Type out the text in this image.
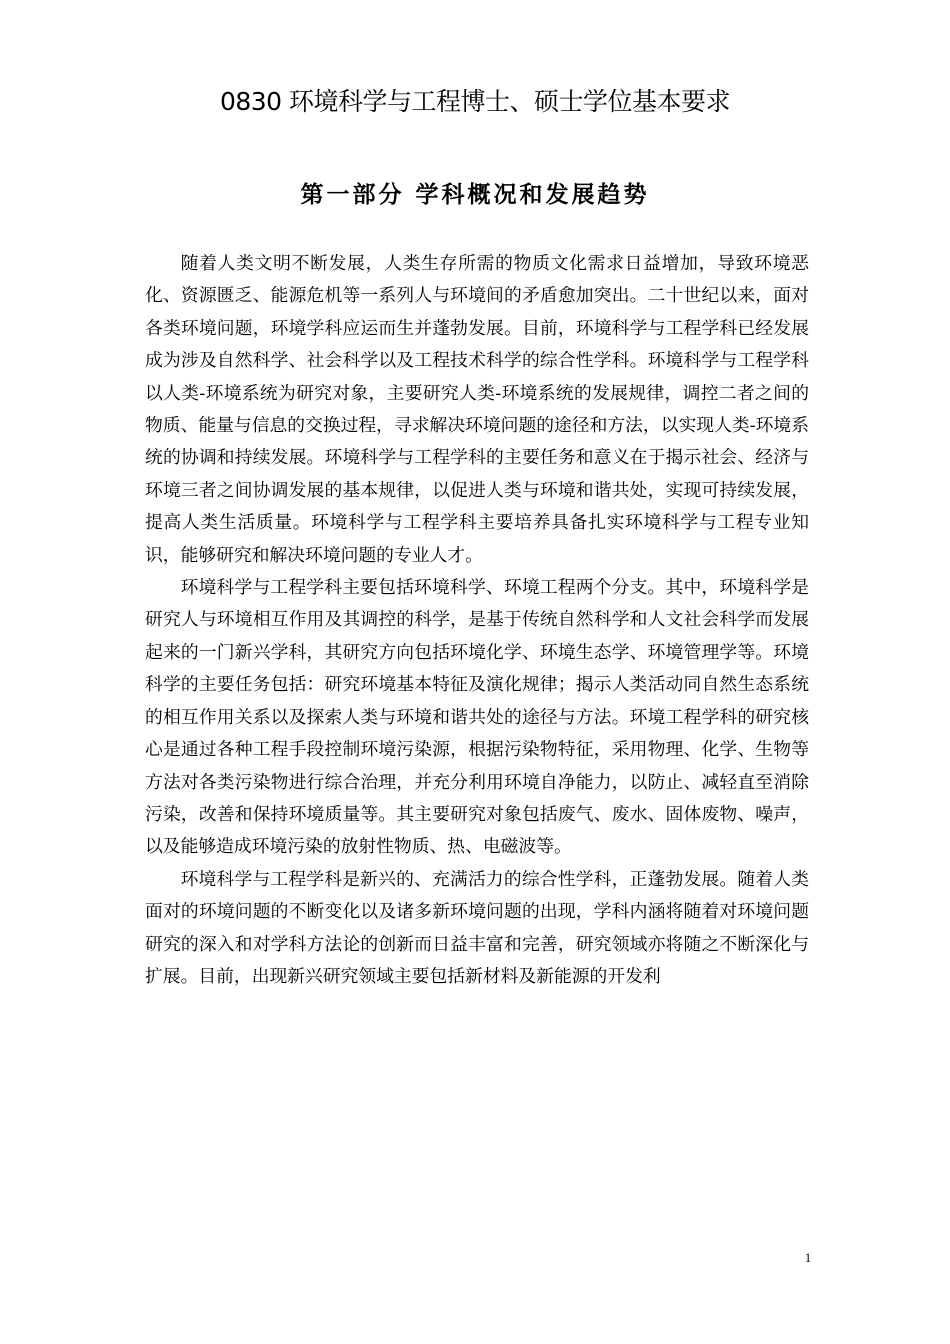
0830 环境科学与工程博士、硕士学位基本要求
第一部分 学科概况和发展趋势

随着人类文明不断发展，人类生存所需的物质文化需求日益增加，导致环境恶化、资源匮乏、能源危机等一系列人与环境间的矛盾愈加突出。二十世纪以来，面对各类环境问题，环境学科应运而生并蓬勃发展。目前，环境科学与工程学科已经发展成为涉及自然科学、社会科学以及工程技术科学的综合性学科。环境科学与工程学科以人类-环境系统为研究对象，主要研究人类-环境系统的发展规律，调控二者之间的物质、能量与信息的交换过程，寻求解决环境问题的途径和方法，以实现人类-环境系统的协调和持续发展。环境科学与工程学科的主要任务和意义在于揭示社会、经济与环境三者之间协调发展的基本规律，以促进人类与环境和谐共处，实现可持续发展，提高人类生活质量。环境科学与工程学科主要培养具备扎实环境科学与工程专业知识，能够研究和解决环境问题的专业人才。

环境科学与工程学科主要包括环境科学、环境工程两个分支。其中，环境科学是研究人与环境相互作用及其调控的科学，是基于传统自然科学和人文社会科学而发展起来的一门新兴学科，其研究方向包括环境化学、环境生态学、环境管理学等。环境科学的主要任务包括：研究环境基本特征及演化规律；揭示人类活动同自然生态系统的相互作用关系以及探索人类与环境和谐共处的途径与方法。环境工程学科的研究核心是通过各种工程手段控制环境污染源，根据污染物特征，采用物理、化学、生物等方法对各类污染物进行综合治理，并充分利用环境自净能力，以防止、减轻直至消除污染，改善和保持环境质量等。其主要研究对象包括废气、废水、固体废物、噪声，以及能够造成环境污染的放射性物质、热、电磁波等。

环境科学与工程学科是新兴的、充满活力的综合性学科，正蓬勃发展。随着人类面对的环境问题的不断变化以及诸多新环境问题的出现，学科内涵将随着对环境问题研究的深入和对学科方法论的创新而日益丰富和完善，研究领域亦将随之不断深化与扩展。目前，出现新兴研究领域主要包括新材料及新能源的开发利

1
